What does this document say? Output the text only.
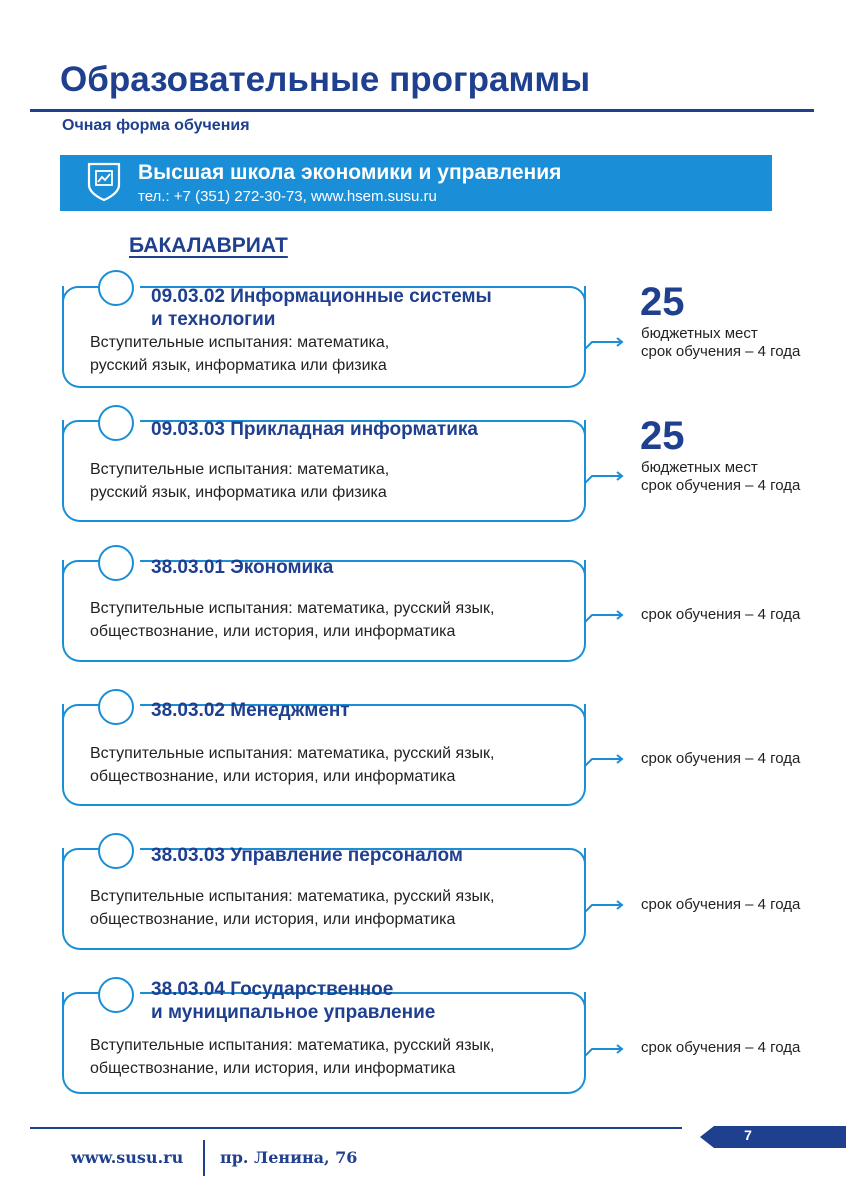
Образовательные программы
Очная форма обучения
Высшая школа экономики и управления
тел.: +7 (351) 272-30-73, www.hsem.susu.ru
БАКАЛАВРИАТ
09.03.02 Информационные системы
и технологии
Вступительные испытания: математика,
русский язык, информатика или физика
25
бюджетных мест
срок обучения – 4 года
09.03.03 Прикладная информатика
Вступительные испытания: математика,
русский язык, информатика или физика
25
бюджетных мест
срок обучения – 4 года
38.03.01 Экономика
Вступительные испытания: математика, русский язык,
обществознание, или история, или информатика
срок обучения – 4 года
38.03.02 Менеджмент
Вступительные испытания: математика, русский язык,
обществознание, или история, или информатика
срок обучения – 4 года
38.03.03 Управление персоналом
Вступительные испытания: математика, русский язык,
обществознание, или история, или информатика
срок обучения – 4 года
38.03.04 Государственное
и муниципальное управление
Вступительные испытания: математика, русский язык,
обществознание, или история, или информатика
срок обучения – 4 года
7
www.susu.ru пр. Ленина, 76
